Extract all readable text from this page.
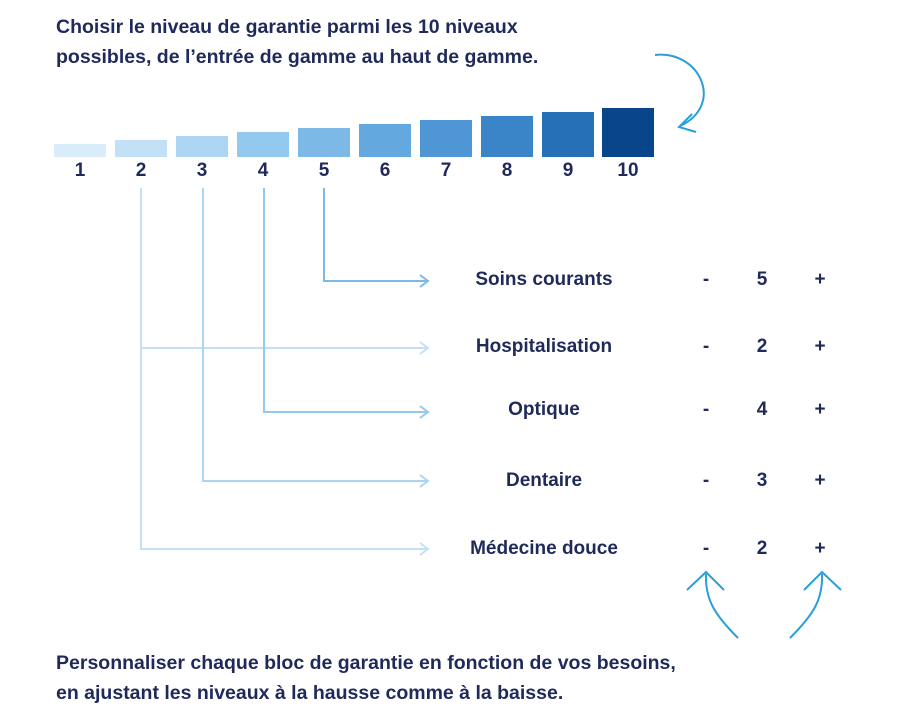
Choisir le niveau de garantie parmi les 10 niveaux
possibles, de l’entrée de gamme au haut de gamme.
1	2	3	4	5	6	7	8	9	10
Soins courants	-	5	+
Hospitalisation	-	2	+
Optique	-	4	+
Dentaire	-	3	+
Médecine douce	-	2	+
Personnaliser chaque bloc de garantie en fonction de vos besoins,
en ajustant les niveaux à la hausse comme à la baisse.
